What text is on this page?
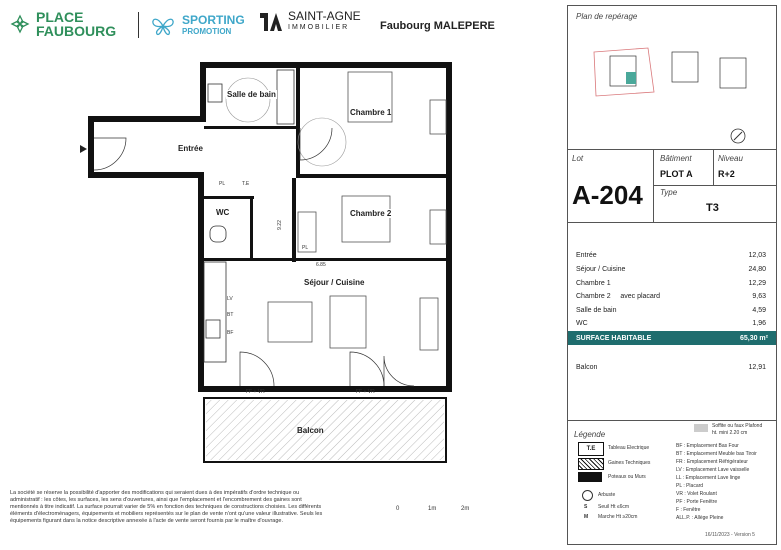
PLACE
FAUBOURG
SPORTING
PROMOTION
SAINT-AGNE
IMMOBILIER	Faubourg MALEPERE
Salle de bain
Chambre 1
Entrée
WC	Chambre 2
Séjour / Cuisine
Balcon
PL	T.E
PL
LV
BT
BF
9.22
6.85
FF + VR	FF + VR
0	1m	2m
La société se réserve la possibilité d'apporter des modifications qui seraient dues à des impératifs d'ordre technique ou administratif : les côtes, les surfaces, les sens d'ouvertures, ainsi que l'emplacement et l'encombrement des gaines sont mentionnés à titre indicatif. La surface pourrait varier de 5% en fonction des techniques de constructions choisies. Les différents éléments d'électroménagers, équipements et mobiliers représentés sur le plan de vente n'ont qu'une valeur illustrative. Seuls les équipements figurant dans la notice descriptive annexée à l'acte de vente seront fournis par le maître d'ouvrage.
Plan de repérage
Lot
A-204
Bâtiment
PLOT A
Niveau
R+2
Type
T3
Entrée	12,03
Séjour / Cuisine	24,80
Chambre 1	12,29
Chambre 2     avec placard	9,63
Salle de bain	4,59
WC	1,96
SURFACE HABITABLE	65,30 m²
Balcon	12,91
Légende
Soffite ou faux Plafond
ht. mini 2.20 cm
T.E	Tableau Electrique
Gaines Techniques
Poteaux ou Murs
Arbuste
S Seuil Ht ≤6cm
M Marche Ht ≥20cm
BF : Emplacement Bas Four
BT : Emplacement Meuble bas Tiroir
FR : Emplacement Réfrigérateur
LV : Emplacement Lave vaisselle
LL : Emplacement Lave linge
PL : Placard
VR : Volet Roulant
PF : Porte Fenêtre
F : Fenêtre
ALL.P. : Allège Pleine
16/11/2023 - Version 5
